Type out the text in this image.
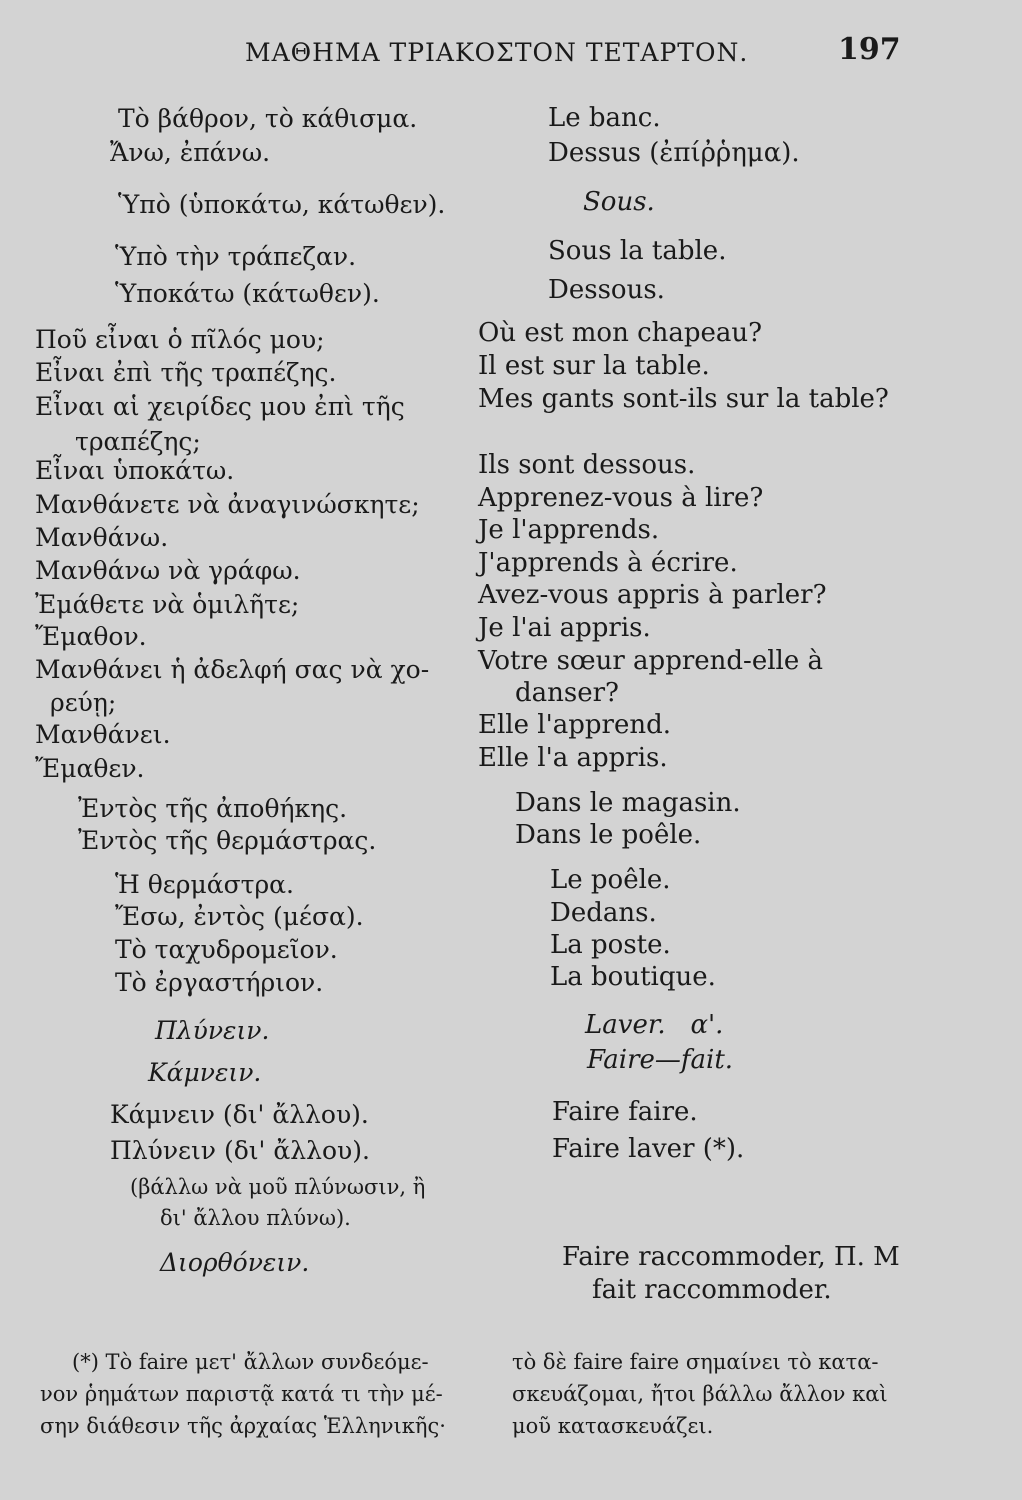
ΜΑΘΗΜΑ ΤΡΙΑΚΟΣΤΟΝ ΤΕΤΑΡΤΟΝ.	197
Τὸ βάθρον, τὸ κάθισμα.
Ἄνω, ἐπάνω.
Ὑπὸ (ὑποκάτω, κάτωθεν).
Ὑπὸ τὴν τράπεζαν.
Ὑποκάτω (κάτωθεν).
Ποῦ εἶναι ὁ πῖλός μου;
Εἶναι ἐπὶ τῆς τραπέζης.
Εἶναι αἱ χειρίδες μου ἐπὶ τῆς
τραπέζης;
Εἶναι ὑποκάτω.
Μανθάνετε νὰ ἀναγινώσκητε;
Μανθάνω.
Μανθάνω νὰ γράφω.
Ἐμάθετε νὰ ὁμιλῆτε;
Ἔμαθον.
Μανθάνει ἡ ἀδελφή σας νὰ χο-
ρεύῃ;
Μανθάνει.
Ἔμαθεν.
Ἐντὸς τῆς ἀποθήκης.
Ἐντὸς τῆς θερμάστρας.
Ἡ θερμάστρα.
Ἔσω, ἐντὸς (μέσα).
Τὸ ταχυδρομεῖον.
Τὸ ἐργαστήριον.
Πλύνειν.
Κάμνειν.
Κάμνειν (δι' ἄλλου).
Πλύνειν (δι' ἄλλου).
(βάλλω νὰ μοῦ πλύνωσιν, ἢ
δι' ἄλλου πλύνω).
Διορθόνειν.
Le banc.
Dessus (ἐπίῤῥημα).
Sous.
Sous la table.
Dessous.
Où est mon chapeau?
Il est sur la table.
Mes gants sont-ils sur la table?
Ils sont dessous.
Apprenez-vous à lire?
Je l'apprends.
J'apprends à écrire.
Avez-vous appris à parler?
Je l'ai appris.
Votre sœur apprend-elle à
danser?
Elle l'apprend.
Elle l'a appris.
Dans le magasin.
Dans le poêle.
Le poêle.
Dedans.
La poste.
La boutique.
Laver.   α'.
Faire—fait.
Faire faire.
Faire laver (*).
Faire raccommoder, Π. Μ
fait raccommoder.
(*) Τὸ faire μετ' ἄλλων συνδεόμε-
νον ῥημάτων παριστᾷ κατά τι τὴν μέ-
σην διάθεσιν τῆς ἀρχαίας Ἑλληνικῆς·
τὸ δὲ faire faire σημαίνει τὸ κατα-
σκευάζομαι, ἤτοι βάλλω ἄλλον καὶ
μοῦ κατασκευάζει.
